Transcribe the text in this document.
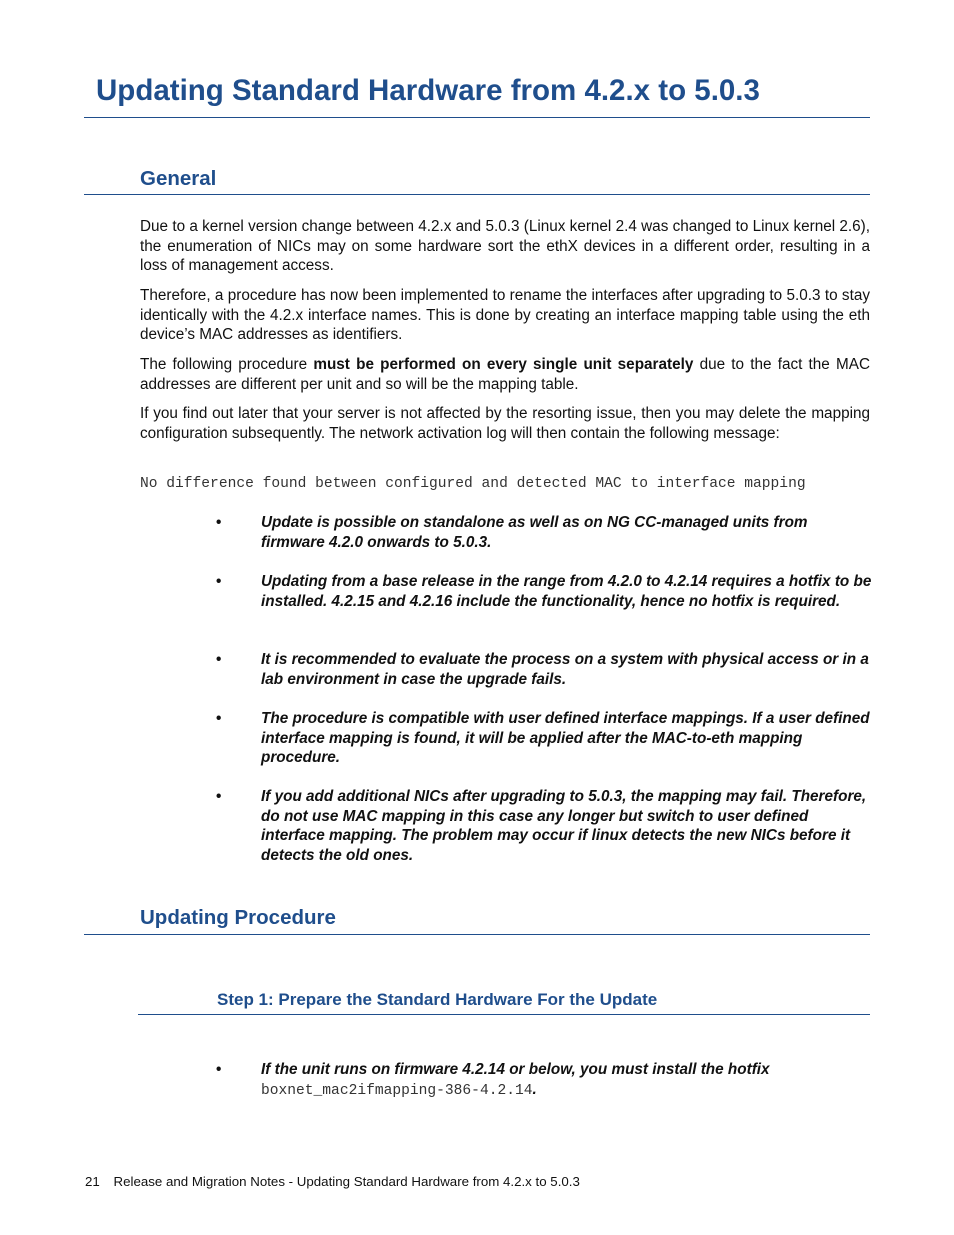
Updating Standard Hardware from 4.2.x to 5.0.3
General

Due to a kernel version change between 4.2.x and 5.0.3 (Linux kernel 2.4 was changed to Linux kernel 2.6), the enumeration of NICs may on some hardware sort the ethX devices in a different order, resulting in a loss of management access.

Therefore, a procedure has now been implemented to rename the interfaces after upgrading to 5.0.3 to stay identically with the 4.2.x interface names. This is done by creating an interface mapping table using the eth device’s MAC addresses as identifiers.

The following procedure must be performed on every single unit separately due to the fact the MAC addresses are different per unit and so will be the mapping table.

If you find out later that your server is not affected by the resorting issue, then you may delete the mapping configuration subsequently. The network activation log will then contain the following message:

No difference found between configured and detected MAC to interface mapping

•	Update is possible on standalone as well as on NG CC-managed units from firmware 4.2.0 onwards to 5.0.3.
•	Updating from a base release in the range from 4.2.0 to 4.2.14 requires a hotfix to be installed. 4.2.15 and 4.2.16 include the functionality, hence no hotfix is required.
•	It is recommended to evaluate the process on a system with physical access or in a lab environment in case the upgrade fails.
•	The procedure is compatible with user defined interface mappings. If a user defined interface mapping is found, it will be applied after the MAC-to-eth mapping procedure.
•	If you add additional NICs after upgrading to 5.0.3, the mapping may fail. Therefore, do not use MAC mapping in this case any longer but switch to user defined interface mapping. The problem may occur if linux detects the new NICs before it detects the old ones.
Updating Procedure
Step 1: Prepare the Standard Hardware For the Update
•	If the unit runs on firmware 4.2.14 or below, you must install the hotfix
boxnet_mac2ifmapping-386-4.2.14.
21 Release and Migration Notes - Updating Standard Hardware from 4.2.x to 5.0.3
